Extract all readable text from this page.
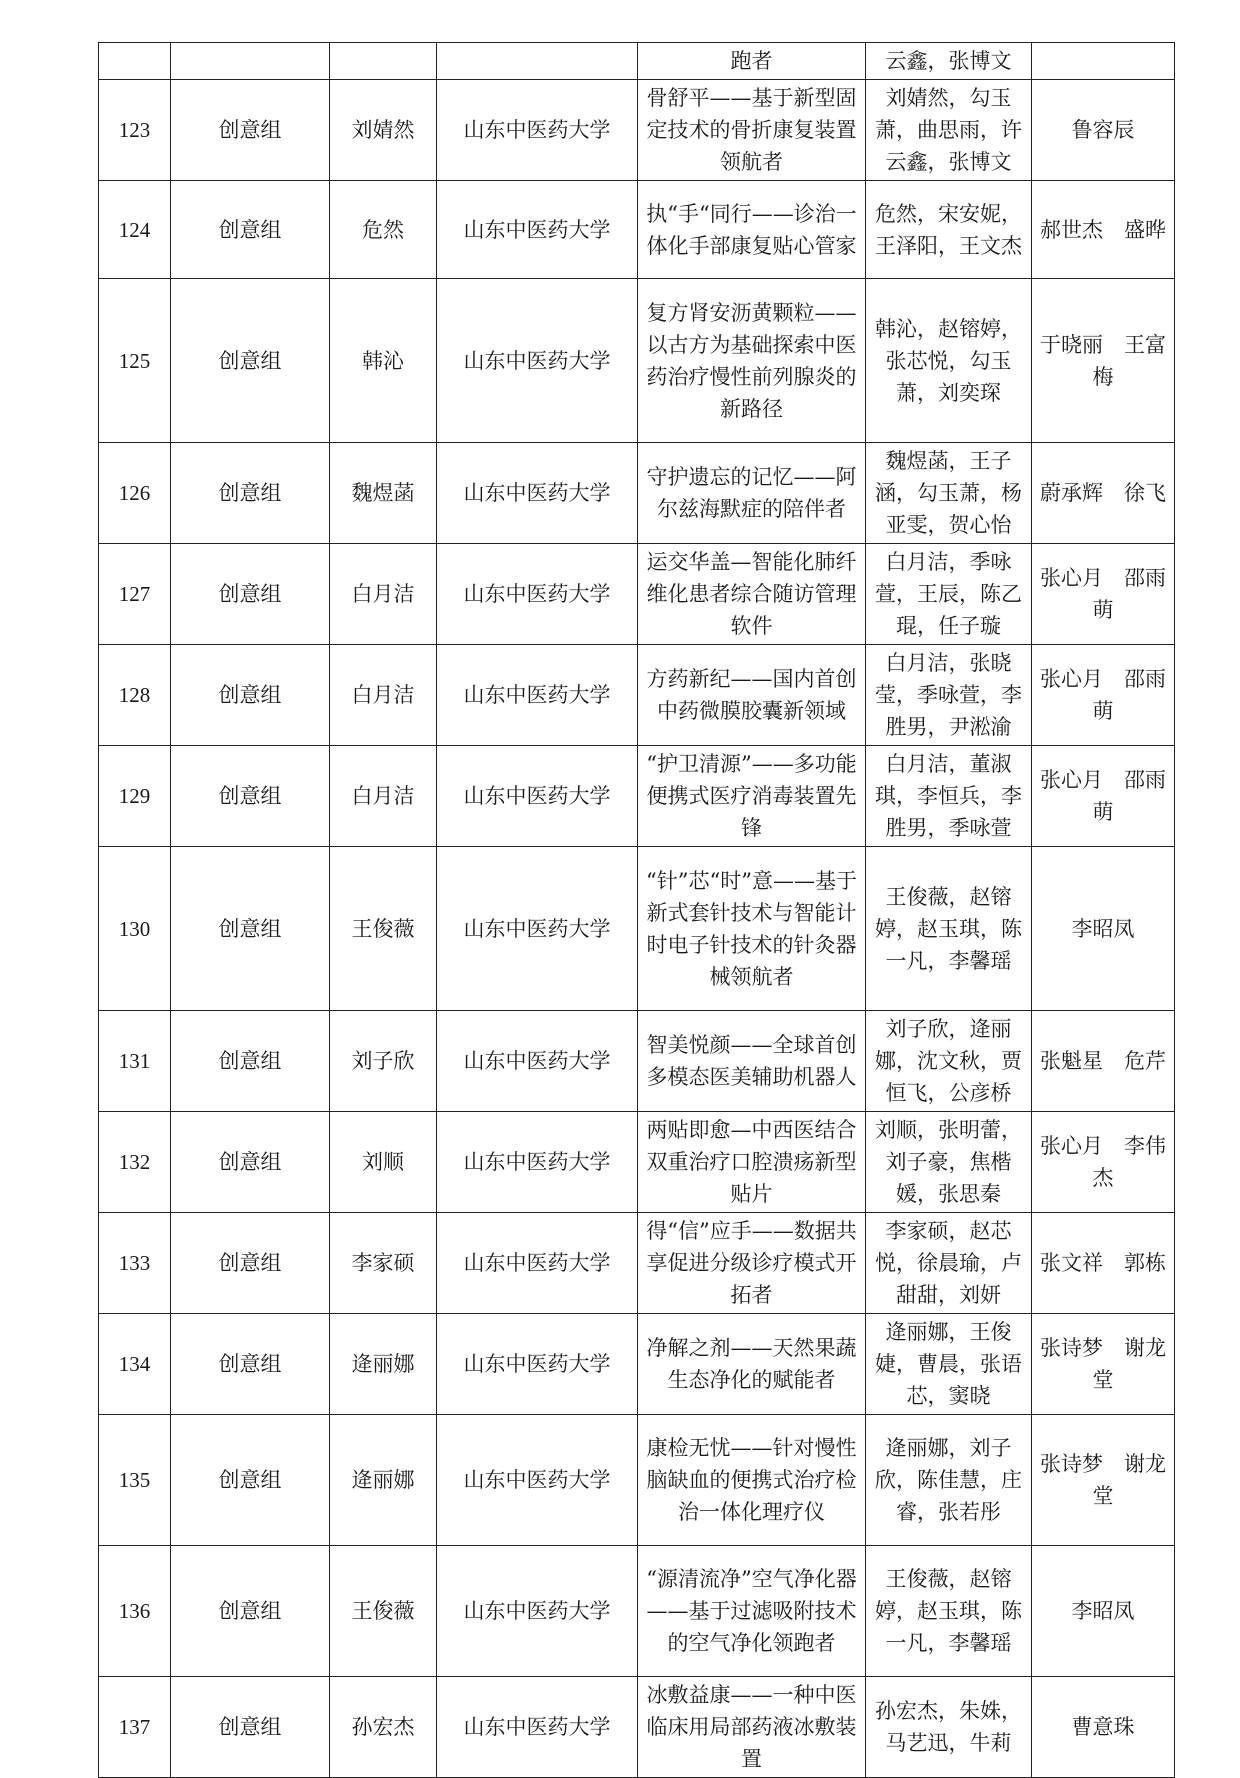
				跑者	云鑫，张博文	
123	创意组	刘婧然	山东中医药大学	骨舒平——基于新型固定技术的骨折康复装置领航者	刘婧然，勾玉萧，曲思雨，许云鑫，张博文	鲁容辰
124	创意组	危然	山东中医药大学	执“手“同行——诊治一体化手部康复贴心管家	危然，宋安妮，王泽阳，王文杰	郝世杰　盛晔
125	创意组	韩沁	山东中医药大学	复方肾安沥黄颗粒——以古方为基础探索中医药治疗慢性前列腺炎的新路径	韩沁，赵镕婷，张芯悦，勾玉萧，刘奕琛	于晓丽　王富梅
126	创意组	魏煜菡	山东中医药大学	守护遗忘的记忆——阿尔兹海默症的陪伴者	魏煜菡，王子涵，勾玉萧，杨亚雯，贺心怡	蔚承辉　徐飞
127	创意组	白月洁	山东中医药大学	运交华盖—智能化肺纤维化患者综合随访管理软件	白月洁，季咏萱，王辰，陈乙琨，任子璇	张心月　邵雨萌
128	创意组	白月洁	山东中医药大学	方药新纪——国内首创中药微膜胶囊新领域	白月洁，张晓莹，季咏萱，李胜男，尹淞渝	张心月　邵雨萌
129	创意组	白月洁	山东中医药大学	“护卫清源”——多功能便携式医疗消毒装置先锋	白月洁，董淑琪，李恒兵，李胜男，季咏萱	张心月　邵雨萌
130	创意组	王俊薇	山东中医药大学	“针”芯“时”意——基于新式套针技术与智能计时电子针技术的针灸器械领航者	王俊薇，赵镕婷，赵玉琪，陈一凡，李馨瑶	李昭凤
131	创意组	刘子欣	山东中医药大学	智美悦颜——全球首创多模态医美辅助机器人	刘子欣，逄丽娜，沈文秋，贾恒飞，公彦桥	张魁星　危芹
132	创意组	刘顺	山东中医药大学	两贴即愈—中西医结合双重治疗口腔溃疡新型贴片	刘顺，张明蕾，刘子豪，焦楷媛，张思秦	张心月　李伟杰
133	创意组	李家硕	山东中医药大学	得“信”应手——数据共享促进分级诊疗模式开拓者	李家硕，赵芯悦，徐晨瑜，卢甜甜，刘妍	张文祥　郭栋
134	创意组	逄丽娜	山东中医药大学	净解之剂——天然果蔬生态净化的赋能者	逄丽娜，王俊婕，曹晨，张语芯，窦晓	张诗梦　谢龙堂
135	创意组	逄丽娜	山东中医药大学	康检无忧——针对慢性脑缺血的便携式治疗检治一体化理疗仪	逄丽娜，刘子欣，陈佳慧，庄睿，张若彤	张诗梦　谢龙堂
136	创意组	王俊薇	山东中医药大学	“源清流净”空气净化器——基于过滤吸附技术的空气净化领跑者	王俊薇，赵镕婷，赵玉琪，陈一凡，李馨瑶	李昭凤
137	创意组	孙宏杰	山东中医药大学	冰敷益康——一种中医临床用局部药液冰敷装置	孙宏杰，朱姝，马艺迅，牛莉	曹意珠
